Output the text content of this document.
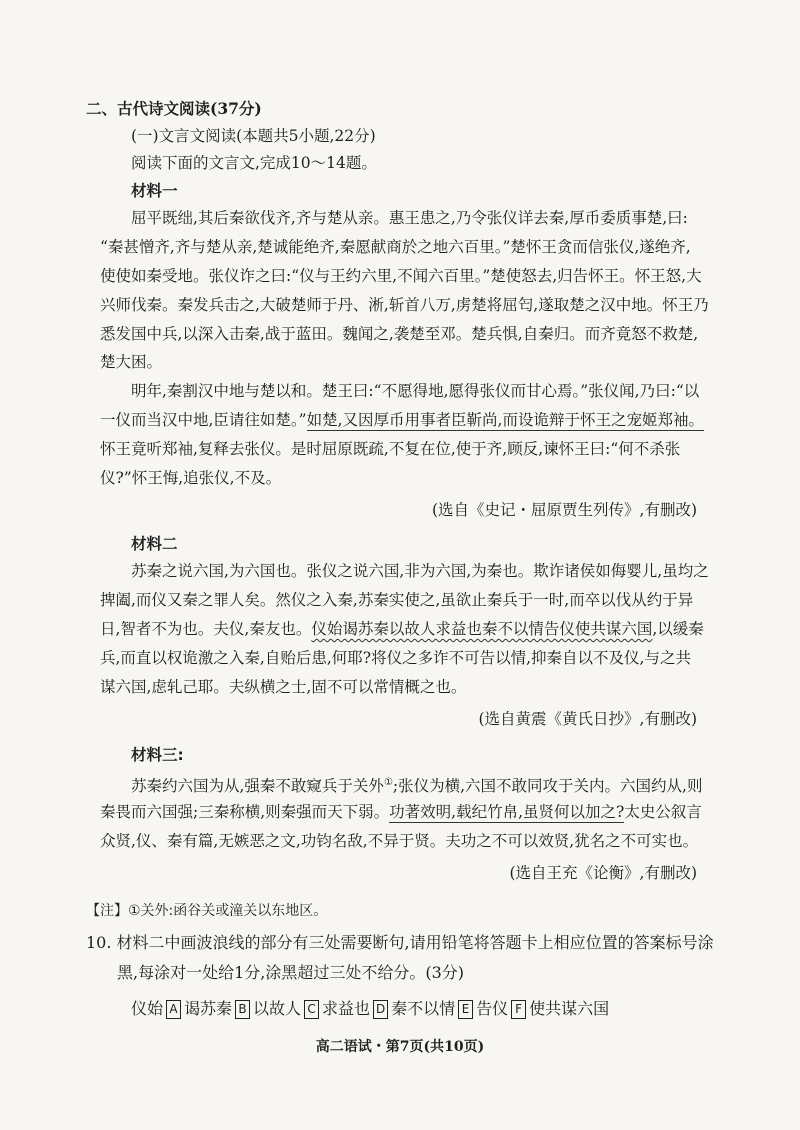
二、古代诗文阅读(37分)
(一)文言文阅读(本题共5小题,22分)
阅读下面的文言文,完成10～14题。
材料一
屈平既绌,其后秦欲伐齐,齐与楚从亲。惠王患之,乃令张仪详去秦,厚币委质事楚,曰:
“秦甚憎齐,齐与楚从亲,楚诚能绝齐,秦愿献商於之地六百里。”楚怀王贪而信张仪,遂绝齐,
使使如秦受地。张仪诈之曰:“仪与王约六里,不闻六百里。”楚使怒去,归告怀王。怀王怒,大
兴师伐秦。秦发兵击之,大破楚师于丹、淅,斩首八万,虏楚将屈匄,遂取楚之汉中地。怀王乃
悉发国中兵,以深入击秦,战于蓝田。魏闻之,袭楚至邓。楚兵惧,自秦归。而齐竟怒不救楚,
楚大困。
明年,秦割汉中地与楚以和。楚王曰:“不愿得地,愿得张仪而甘心焉。”张仪闻,乃曰:“以
一仪而当汉中地,臣请往如楚。”如楚,又因厚币用事者臣靳尚,而设诡辩于怀王之宠姬郑袖。
怀王竟听郑袖,复释去张仪。是时屈原既疏,不复在位,使于齐,顾反,谏怀王曰:“何不杀张
仪?”怀王悔,追张仪,不及。
(选自《史记・屈原贾生列传》,有删改)
材料二
苏秦之说六国,为六国也。张仪之说六国,非为六国,为秦也。欺诈诸侯如侮婴儿,虽均之
捭阖,而仪又秦之罪人矣。然仪之入秦,苏秦实使之,虽欲止秦兵于一时,而卒以伐从约于异
日,智者不为也。夫仪,秦友也。仪始谒苏秦以故人求益也秦不以情告仪使共谋六国,以缓秦
兵,而直以权诡激之入秦,自贻后患,何耶?将仪之多诈不可告以情,抑秦自以不及仪,与之共
谋六国,虑轧己耶。夫纵横之士,固不可以常情概之也。
(选自黄震《黄氏日抄》,有删改)
材料三:
苏秦约六国为从,强秦不敢窥兵于关外①;张仪为横,六国不敢同攻于关内。六国约从,则
秦畏而六国强;三秦称横,则秦强而天下弱。功著效明,载纪竹帛,虽贤何以加之?太史公叙言
众贤,仪、秦有篇,无嫉恶之文,功钧名敌,不异于贤。夫功之不可以效贤,犹名之不可实也。
(选自王充《论衡》,有删改)
【注】①关外:函谷关或潼关以东地区。
10. 材料二中画波浪线的部分有三处需要断句,请用铅笔将答题卡上相应位置的答案标号涂
黑,每涂对一处给1分,涂黑超过三处不给分。(3分)
仪始 A 谒苏秦 B 以故人 C 求益也 D 秦不以情 E 告仪 F 使共谋六国
高二语试・第7页(共10页)
